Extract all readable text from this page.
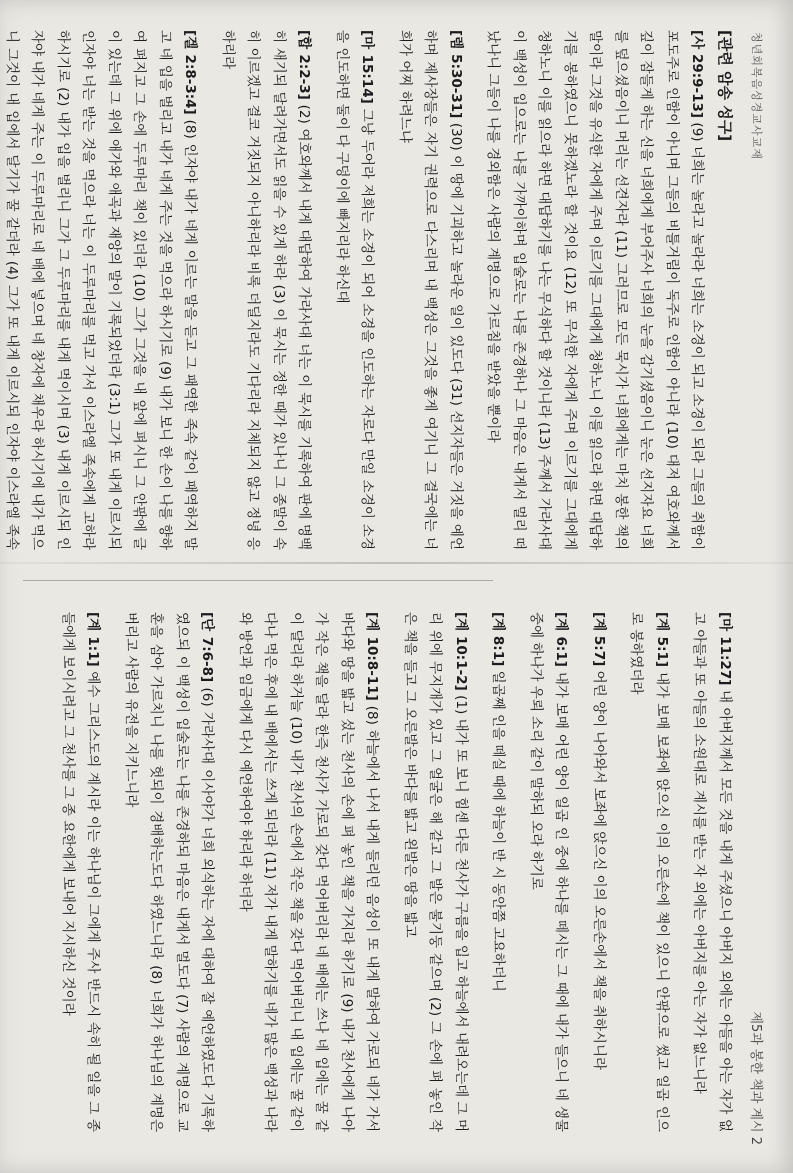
청년회복음성경교사교재
제5과 봉한 책과 계시 2
[관련 암송 성구]

[사 29:9-13] (9) 너희는 놀라고 놀라라 너희는 소경이 되고 소경이 되라 그들의 취함이 포도주로 인함이 아니며 그들의 비틀거림이 독주로 인함이 아니라 (10) 대저 여호와께서 깊이 잠들게 하는 신을 너희에게 부어주사 너희의 눈을 감기셨음이니 눈은 선지자요 너희를 덮으셨음이니 머리는 선견자라 (11) 그러므로 모든 묵시가 너희에게는 마치 봉한 책의 말이라 그것을 유식한 자에게 주며 이르기를 그대에게 청하노니 이를 읽으라 하면 대답하기를 봉하였으니 못하겠노라 할 것이요 (12) 또 무식한 자에게 주며 이르기를 그대에게 청하노니 이를 읽으라 하면 대답하기를 나는 무식하다 할 것이니라 (13) 주께서 가라사대 이 백성이 입으로는 나를 가까이하며 입술로는 나를 존경하나 그 마음은 내게서 멀리 떠났나니 그들이 나를 경외함은 사람의 계명으로 가르침을 받았을 뿐이라

[렘 5:30-31] (30) 이 땅에 기괴하고 놀라운 일이 있도다 (31) 선지자들은 거짓을 예언하며 제사장들은 자기 권력으로 다스리며 내 백성은 그것을 좋게 여기니 그 결국에는 너희가 어찌 하려느냐

[마 15:14] 그냥 두어라 저희는 소경이 되어 소경을 인도하는 자로다 만일 소경이 소경을 인도하면 둘이 다 구덩이에 빠지리라 하신대

[합 2:2-3] (2) 여호와께서 내게 대답하여 가라사대 너는 이 묵시를 기록하여 판에 명백히 새기되 달려가면서도 읽을 수 있게 하라 (3) 이 묵시는 정한 때가 있나니 그 종말이 속히 이르겠고 결코 거짓되지 아니하리라 비록 더딜지라도 기다리라 지체되지 않고 정녕 응하리라

[겔 2:8-3:4] (8) 인자야 내가 네게 이르는 말을 듣고 그 패역한 족속 같이 패역하지 말고 네 입을 벌리고 내가 네게 주는 것을 먹으라 하시기로 (9) 내가 보니 한 손이 나를 향하여 펴지고 그 손에 두루마리 책이 있더라 (10) 그가 그것을 내 앞에 펴시니 그 안팎에 글이 있는데 그 위에 애가와 애곡과 재앙의 말이 기록되었더라 (3:1) 그가 또 내게 이르시되 인자야 너는 받는 것을 먹으라 너는 이 두루마리를 먹고 가서 이스라엘 족속에게 고하라 하시기로 (2) 내가 입을 벌리니 그가 그 두루마리를 내게 먹이시며 (3) 내게 이르시되 인자야 내가 네게 주는 이 두루마리로 네 배에 넣으며 네 창자에 채우라 하시기에 내가 먹으니 그것이 내 입에서 달기가 꿀 같더라 (4) 그가 또 내게 이르시되 인자야 이스라엘 족속

[마 11:27] 내 아버지께서 모든 것을 내게 주셨으니 아버지 외에는 아들을 아는 자가 없고 아들과 또 아들의 소원대로 계시를 받는 자 외에는 아버지를 아는 자가 없느니라

[계 5:1] 내가 보매 보좌에 앉으신 이의 오른손에 책이 있으니 안팎으로 썼고 일곱 인으로 봉하였더라

[계 5:7] 어린 양이 나아와서 보좌에 앉으신 이의 오른손에서 책을 취하시니라

[계 6:1] 내가 보매 어린 양이 일곱 인 중에 하나를 떼시는 그 때에 내가 들으니 네 생물 중에 하나가 우뢰 소리 같이 말하되 오라 하기로

[계 8:1] 일곱째 인을 떼실 때에 하늘이 반 시 동안쯤 고요하더니

[계 10:1-2] (1) 내가 또 보니 힘센 다른 천사가 구름을 입고 하늘에서 내려오는데 그 머리 위에 무지개가 있고 그 얼굴은 해 같고 그 발은 불기둥 같으며 (2) 그 손에 펴 놓인 작은 책을 들고 그 오른발은 바다를 밟고 왼발은 땅을 밟고

[계 10:8-11] (8) 하늘에서 나서 내게 들리던 음성이 또 내게 말하여 가로되 네가 가서 바다와 땅을 밟고 섰는 천사의 손에 펴 놓인 책을 가지라 하기로 (9) 내가 천사에게 나아가 작은 책을 달라 한즉 천사가 가로되 갖다 먹어버리라 네 배에는 쓰나 네 입에는 꿀 같이 달리라 하거늘 (10) 내가 천사의 손에서 작은 책을 갖다 먹어버리니 내 입에는 꿀 같이 다나 먹은 후에 내 배에서는 쓰게 되더라 (11) 저가 내게 말하기를 네가 많은 백성과 나라와 방언과 임금에게 다시 예언하여야 하리라 하더라

[단 7:6-8] (6) 가라사대 이사야가 너희 외식하는 자에 대하여 잘 예언하였도다 기록하였으되 이 백성이 입술로는 나를 존경하되 마음은 내게서 멀도다 (7) 사람의 계명으로 교훈을 삼아 가르치니 나를 헛되이 경배하는도다 하였느니라 (8) 너희가 하나님의 계명은 버리고 사람의 유전을 지키느니라

[계 1:1] 예수 그리스도의 계시라 이는 하나님이 그에게 주사 반드시 속히 될 일을 그 종들에게 보이시려고 그 천사를 그 종 요한에게 보내어 지시하신 것이라
